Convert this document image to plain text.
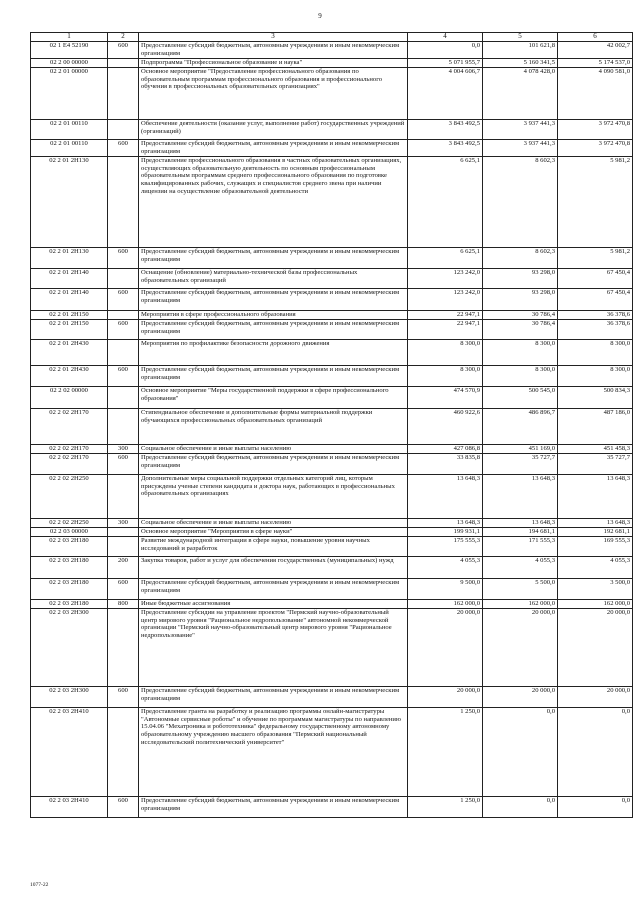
9
1	2	3	4	5	6
02 1 E4 52190	600	Предоставление субсидий бюджетным, автономным учреждениям и иным некоммерческим организациям	0,0	101 621,8	42 002,7
02 2 00 00000		Подпрограмма "Профессиональное образование и наука"	5 071 955,7	5 160 341,5	5 174 537,0
02 2 01 00000		Основное мероприятие "Предоставление профессионального образования по образовательным программам профессионального образования и профессионального обучения в профессиональных образовательных организациях"	4 004 606,7	4 078 428,0	4 090 581,0
02 2 01 00110		Обеспечение деятельности (оказание услуг, выполнение работ) государственных учреждений (организаций)	3 843 492,5	3 937 441,3	3 972 470,8
02 2 01 00110	600	Предоставление субсидий бюджетным, автономным учреждениям и иным некоммерческим организациям	3 843 492,5	3 937 441,3	3 972 470,8
02 2 01 2H130		Предоставление профессионального образования в частных образовательных организациях, осуществляющих образовательную деятельность по основным профессиональным образовательным программам среднего профессионального образования по подготовке квалифицированных рабочих, служащих и специалистов среднего звена при наличии лицензии на осуществление образовательной деятельности	6 625,1	8 602,3	5 981,2
02 2 01 2H130	600	Предоставление субсидий бюджетным, автономным учреждениям и иным некоммерческим организациям	6 625,1	8 602,3	5 981,2
02 2 01 2H140		Оснащение (обновление) материально-технической базы профессиональных образовательных организаций	123 242,0	93 298,0	67 450,4
02 2 01 2H140	600	Предоставление субсидий бюджетным, автономным учреждениям и иным некоммерческим организациям	123 242,0	93 298,0	67 450,4
02 2 01 2H150		Мероприятия в сфере профессионального образования	22 947,1	30 786,4	36 378,6
02 2 01 2H150	600	Предоставление субсидий бюджетным, автономным учреждениям и иным некоммерческим организациям	22 947,1	30 786,4	36 378,6
02 2 01 2H430		Мероприятия по профилактике безопасности дорожного движения	8 300,0	8 300,0	8 300,0
02 2 01 2H430	600	Предоставление субсидий бюджетным, автономным учреждениям и иным некоммерческим организациям	8 300,0	8 300,0	8 300,0
02 2 02 00000		Основное мероприятие "Меры государственной поддержки в сфере профессионального образования"	474 570,9	500 545,0	500 834,3
02 2 02 2H170		Стипендиальное обеспечение и дополнительные формы материальной поддержки обучающихся профессиональных образовательных организаций	460 922,6	486 896,7	487 186,0
02 2 02 2H170	300	Социальное обеспечение и иные выплаты населению	427 086,8	451 169,0	451 458,3
02 2 02 2H170	600	Предоставление субсидий бюджетным, автономным учреждениям и иным некоммерческим организациям	33 835,8	35 727,7	35 727,7
02 2 02 2H250		Дополнительные меры социальной поддержки отдельных категорий лиц, которым присуждены ученые степени кандидата и доктора наук, работающих в профессиональных образовательных организациях	13 648,3	13 648,3	13 648,3
02 2 02 2H250	300	Социальное обеспечение и иные выплаты населению	13 648,3	13 648,3	13 648,3
02 2 03 00000		Основное мероприятие "Мероприятия в сфере науки"	199 931,1	194 681,1	192 681,1
02 2 03 2H180		Развитие международной интеграции в сфере науки, повышение уровня научных исследований и разработок	175 555,3	171 555,3	169 555,3
02 2 03 2H180	200	Закупка товаров, работ и услуг для обеспечения государственных (муниципальных) нужд	4 055,3	4 055,3	4 055,3
02 2 03 2H180	600	Предоставление субсидий бюджетным, автономным учреждениям и иным некоммерческим организациям	9 500,0	5 500,0	3 500,0
02 2 03 2H180	800	Иные бюджетные ассигнования	162 000,0	162 000,0	162 000,0
02 2 03 2H300		Предоставление субсидии на управление проектом "Пермский научно-образовательный центр мирового уровня "Рациональное недропользование" автономной некоммерческой организации "Пермский научно-образовательный центр мирового уровня "Рациональное недропользование"	20 000,0	20 000,0	20 000,0
02 2 03 2H300	600	Предоставление субсидий бюджетным, автономным учреждениям и иным некоммерческим организациям	20 000,0	20 000,0	20 000,0
02 2 03 2H410		Предоставление гранта на разработку и реализацию программы онлайн-магистратуры "Автономные сервисные роботы" и обучение по программам магистратуры по направлению 15.04.06 "Мехатроника и робототехника" федеральному государственному автономному образовательному учреждению высшего образования "Пермский национальный исследовательский политехнический университет"	1 250,0	0,0	0,0
02 2 03 2H410	600	Предоставление субсидий бюджетным, автономным учреждениям и иным некоммерческим организациям	1 250,0	0,0	0,0
1077-22
